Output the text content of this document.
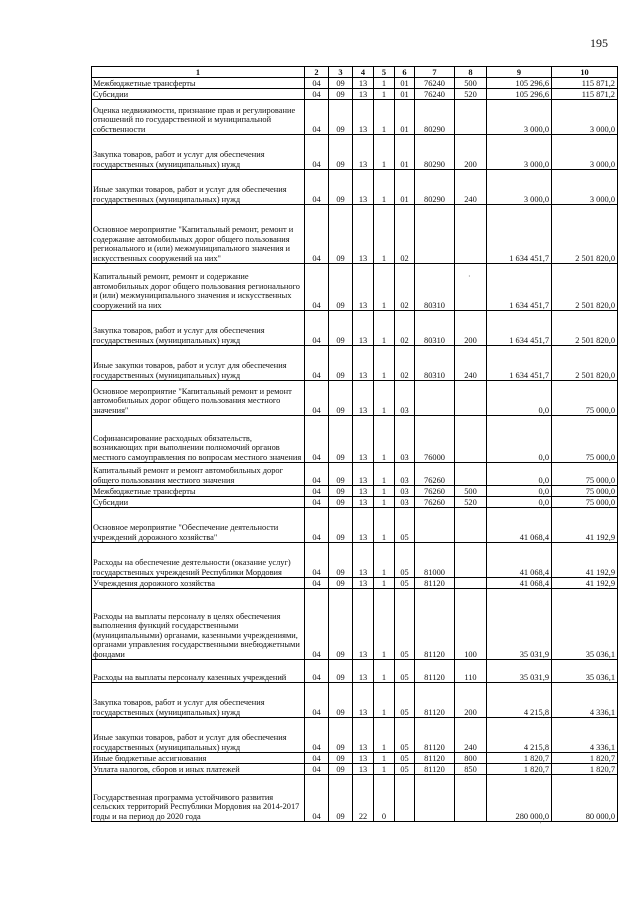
195
1	2	3	4	5	6	7	8	9	10
Межбюджетные трансферты	04	09	13	1	01	76240	500	105 296,6	115 871,2
Субсидии	04	09	13	1	01	76240	520	105 296,6	115 871,2
Оценка недвижимости, признание прав и регулирование отношений по государственной и муниципальной собственности	04	09	13	1	01	80290		3 000,0	3 000,0
Закупка товаров, работ и услуг для обеспечения государственных (муниципальных) нужд	04	09	13	1	01	80290	200	3 000,0	3 000,0
Иные закупки товаров, работ и услуг для обеспечения государственных (муниципальных) нужд	04	09	13	1	01	80290	240	3 000,0	3 000,0
Основное мероприятие "Капитальный ремонт, ремонт и содержание автомобильных дорог общего пользования регионального и (или) межмуниципального значения и искусственных сооружений на них"	04	09	13	1	02			1 634 451,7	2 501 820,0
Капитальный ремонт, ремонт и содержание автомобильных дорог общего пользования регионального и (или) межмуниципального значения и искусственных сооружений на них	04	09	13	1	02	80310		1 634 451,7	2 501 820,0
Закупка товаров, работ и услуг для обеспечения государственных (муниципальных) нужд	04	09	13	1	02	80310	200	1 634 451,7	2 501 820,0
Иные закупки товаров, работ и услуг для обеспечения государственных (муниципальных) нужд	04	09	13	1	02	80310	240	1 634 451,7	2 501 820,0
Основное мероприятие "Капитальный ремонт и ремонт автомобильных дорог общего пользования местного значения"	04	09	13	1	03			0,0	75 000,0
Софинансирование расходных обязательств, возникающих при выполнении полномочий органов местного самоуправления по вопросам местного значения	04	09	13	1	03	76000		0,0	75 000,0
Капитальный ремонт и ремонт автомобильных дорог общего пользования местного значения	04	09	13	1	03	76260		0,0	75 000,0
Межбюджетные трансферты	04	09	13	1	03	76260	500	0,0	75 000,0
Субсидии	04	09	13	1	03	76260	520	0,0	75 000,0
Основное мероприятие "Обеспечение деятельности учреждений дорожного хозяйства"	04	09	13	1	05			41 068,4	41 192,9
Расходы на обеспечение деятельности (оказание услуг) государственных учреждений Республики Мордовия	04	09	13	1	05	81000		41 068,4	41 192,9
Учреждения дорожного хозяйства	04	09	13	1	05	81120		41 068,4	41 192,9
Расходы на выплаты персоналу в целях обеспечения выполнения функций государственными (муниципальными) органами, казенными учреждениями, органами управления государственными внебюджетными фондами	04	09	13	1	05	81120	100	35 031,9	35 036,1
Расходы на выплаты персоналу казенных учреждений	04	09	13	1	05	81120	110	35 031,9	35 036,1
Закупка товаров, работ и услуг для обеспечения государственных (муниципальных) нужд	04	09	13	1	05	81120	200	4 215,8	4 336,1
Иные закупки товаров, работ и услуг для обеспечения государственных (муниципальных) нужд	04	09	13	1	05	81120	240	4 215,8	4 336,1
Иные бюджетные ассигнования	04	09	13	1	05	81120	800	1 820,7	1 820,7
Уплата налогов, сборов и иных платежей	04	09	13	1	05	81120	850	1 820,7	1 820,7
Государственная программа устойчивого развития сельских территорий Республики Мордовия на 2014-2017 годы и на период до 2020 года	04	09	22	0				280 000,0	80 000,0
·
'
